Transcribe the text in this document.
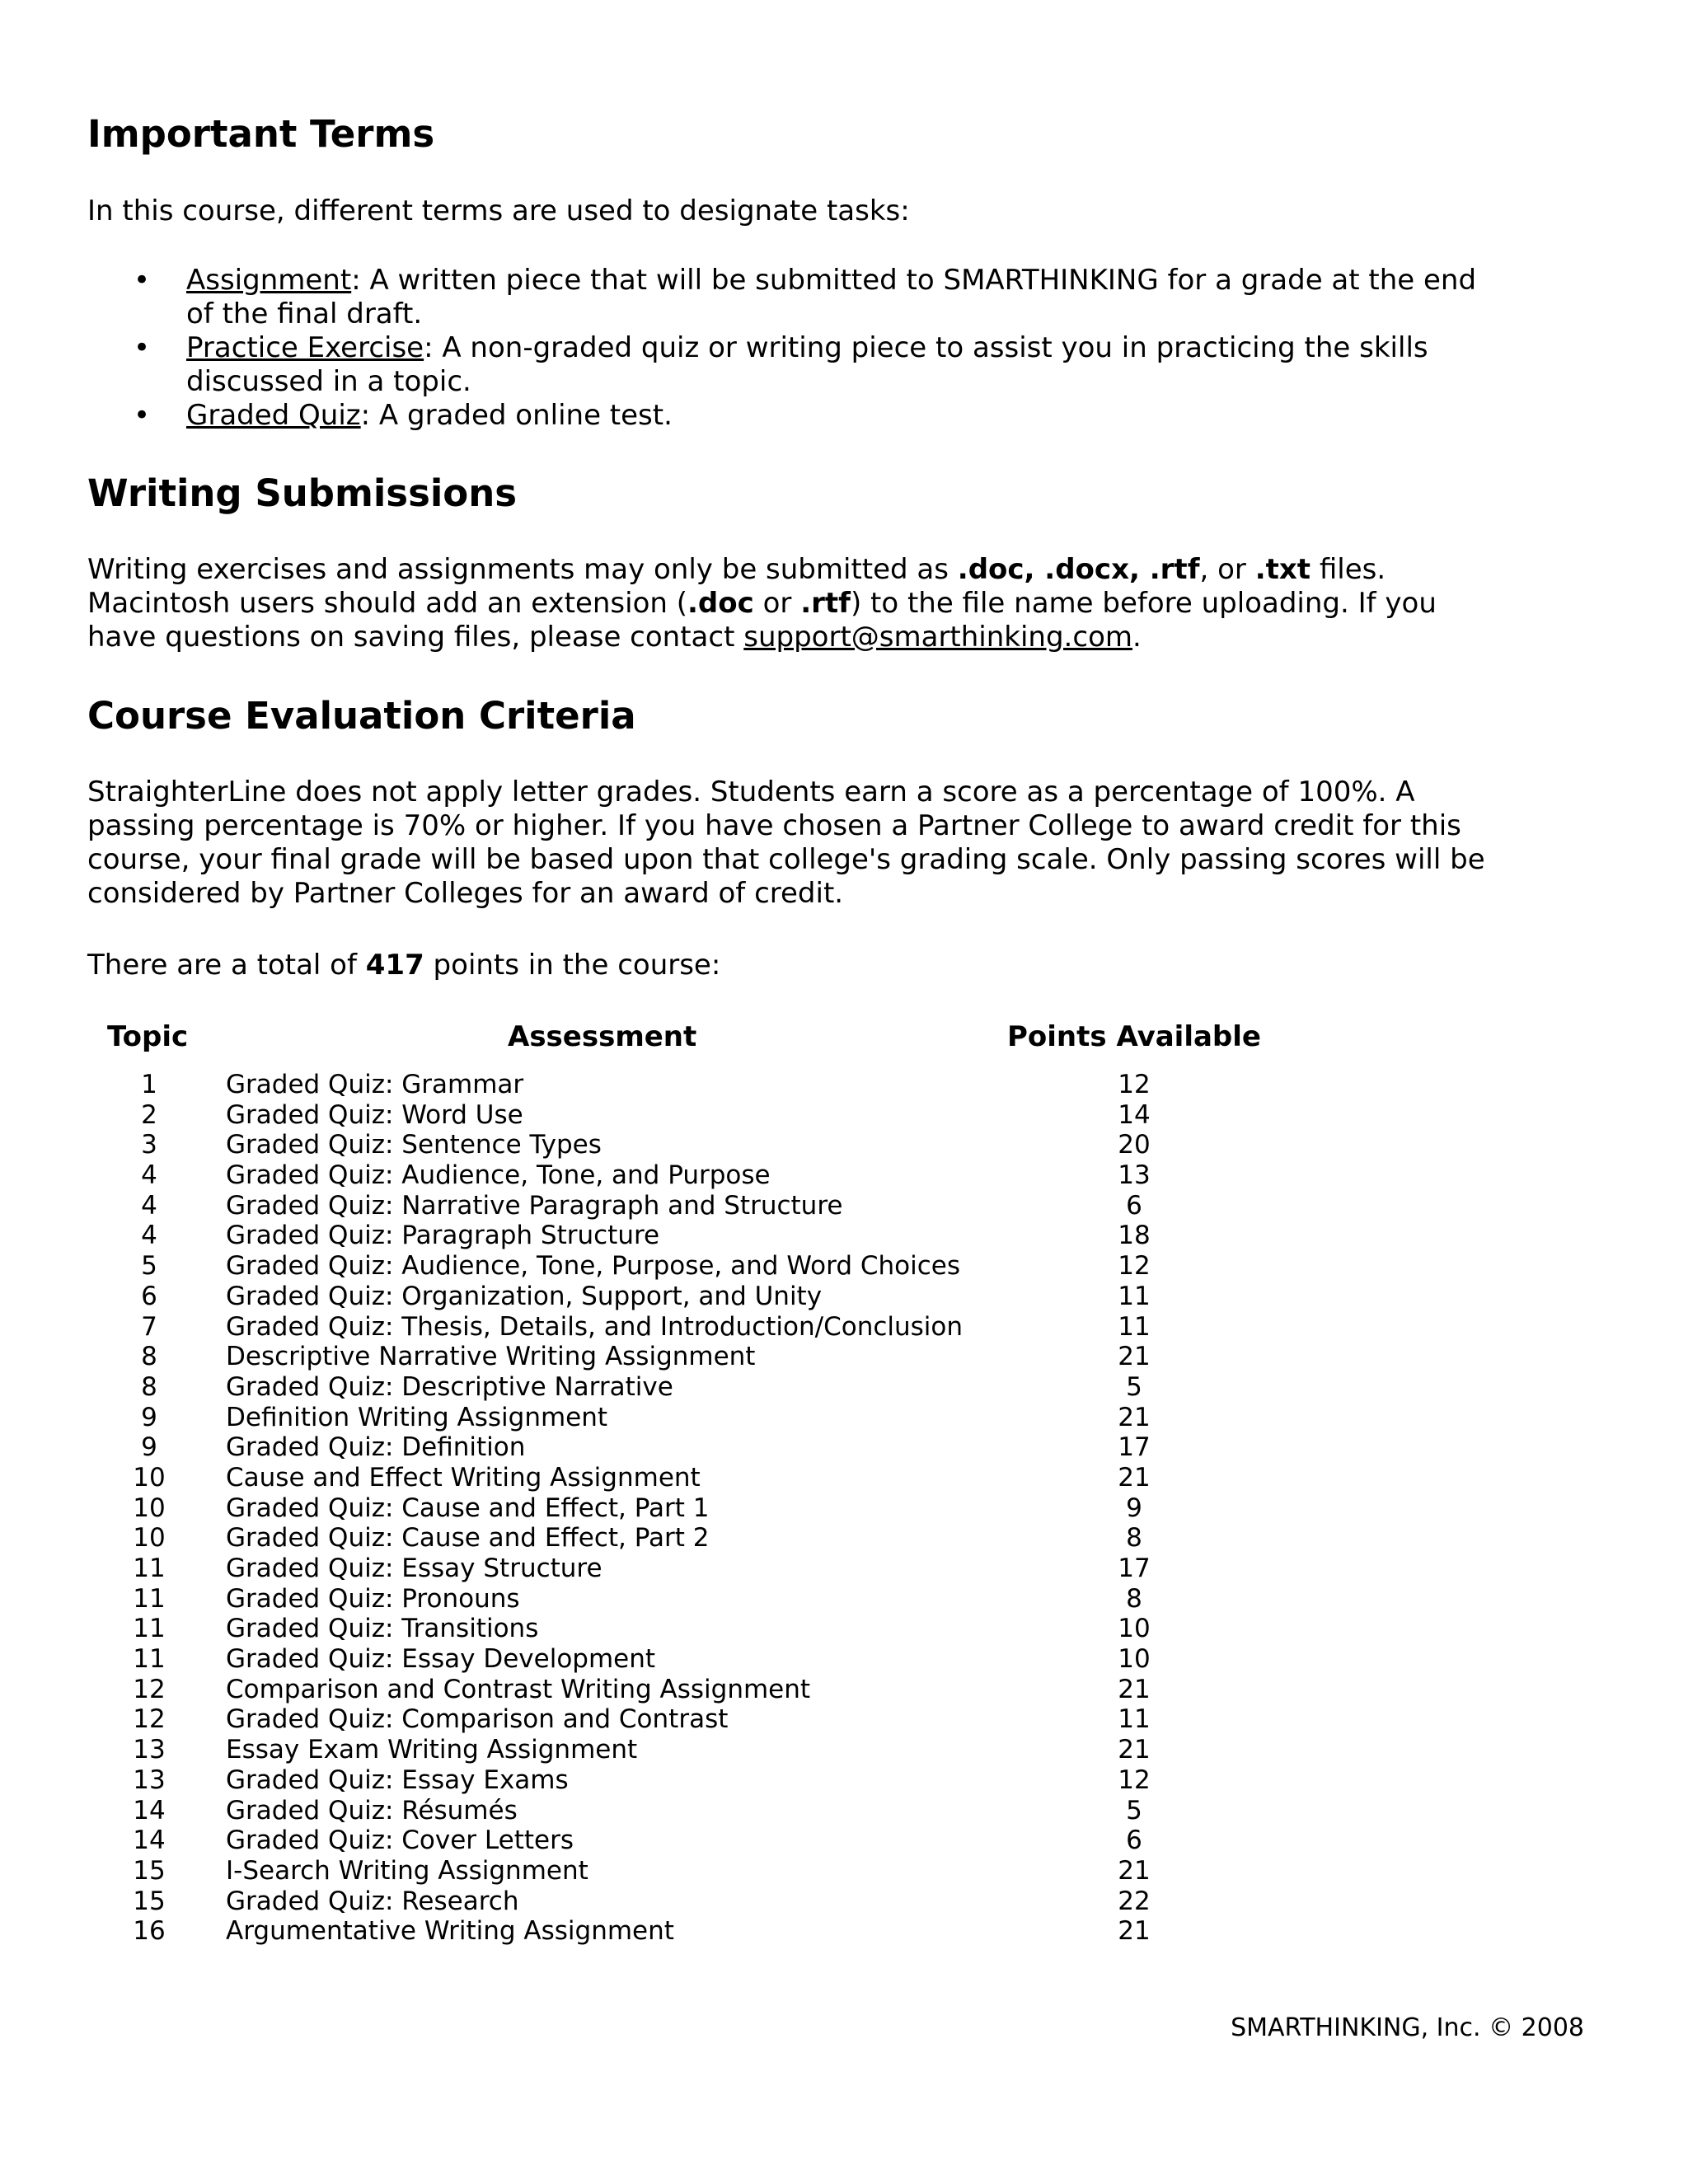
Important Terms

In this course, different terms are used to designate tasks:

• Assignment: A written piece that will be submitted to SMARTHINKING for a grade at the end
of the final draft.
• Practice Exercise: A non-graded quiz or writing piece to assist you in practicing the skills
discussed in a topic.
• Graded Quiz: A graded online test.
Writing Submissions

Writing exercises and assignments may only be submitted as .doc, .docx, .rtf, or .txt files.

Macintosh users should add an extension (.doc or .rtf) to the file name before uploading. If you

have questions on saving files, please contact support@smarthinking.com.

Course Evaluation Criteria

StraighterLine does not apply letter grades. Students earn a score as a percentage of 100%. A

passing percentage is 70% or higher. If you have chosen a Partner College to award credit for this

course, your final grade will be based upon that college's grading scale. Only passing scores will be

considered by Partner Colleges for an award of credit.

There are a total of 417 points in the course:

Topic	Assessment	Points Available
1	Graded Quiz: Grammar	12
2	Graded Quiz: Word Use	14
3	Graded Quiz: Sentence Types	20
4	Graded Quiz: Audience, Tone, and Purpose	13
4	Graded Quiz: Narrative Paragraph and Structure	6
4	Graded Quiz: Paragraph Structure	18
5	Graded Quiz: Audience, Tone, Purpose, and Word Choices	12
6	Graded Quiz: Organization, Support, and Unity	11
7	Graded Quiz: Thesis, Details, and Introduction/Conclusion	11
8	Descriptive Narrative Writing Assignment	21
8	Graded Quiz: Descriptive Narrative	5
9	Definition Writing Assignment	21
9	Graded Quiz: Definition	17
10	Cause and Effect Writing Assignment	21
10	Graded Quiz: Cause and Effect, Part 1	9
10	Graded Quiz: Cause and Effect, Part 2	8
11	Graded Quiz: Essay Structure	17
11	Graded Quiz: Pronouns	8
11	Graded Quiz: Transitions	10
11	Graded Quiz: Essay Development	10
12	Comparison and Contrast Writing Assignment	21
12	Graded Quiz: Comparison and Contrast	11
13	Essay Exam Writing Assignment	21
13	Graded Quiz: Essay Exams	12
14	Graded Quiz: Résumés	5
14	Graded Quiz: Cover Letters	6
15	I-Search Writing Assignment	21
15	Graded Quiz: Research	22
16	Argumentative Writing Assignment	21
SMARTHINKING, Inc. © 2008
